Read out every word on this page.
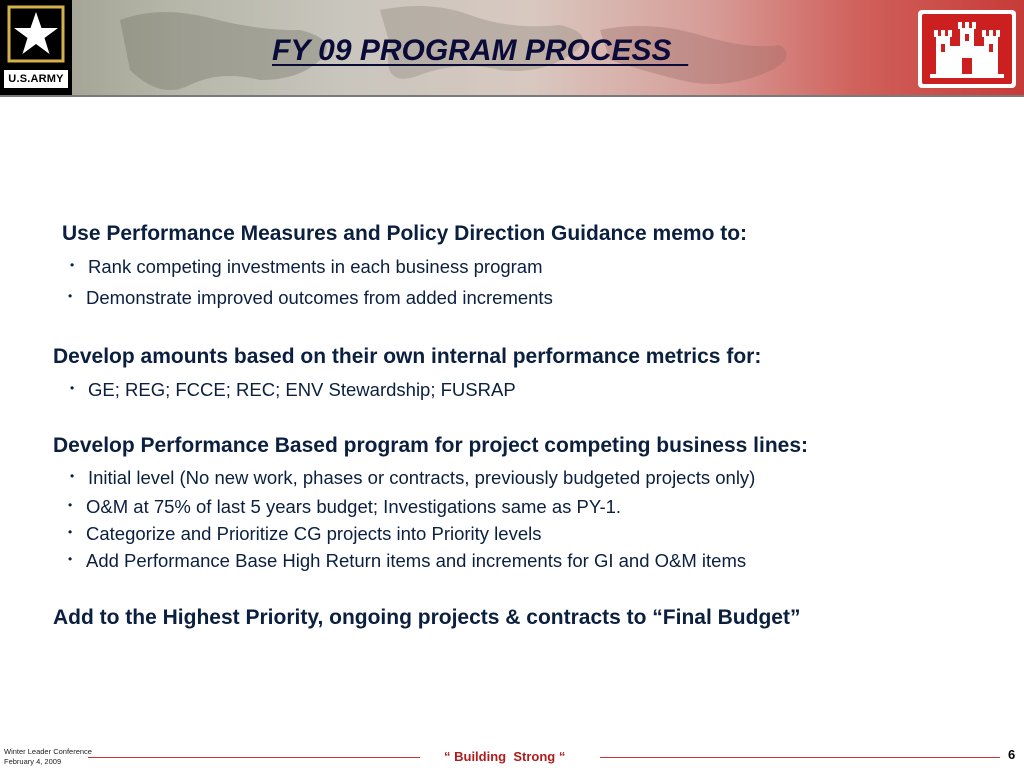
U.S.ARMY
FY 09 PROGRAM PROCESS
Use Performance Measures and Policy Direction Guidance memo to:
• Rank competing investments in each business program
• Demonstrate improved outcomes from added increments
Develop amounts based on their own internal performance metrics for:
• GE; REG; FCCE; REC; ENV Stewardship; FUSRAP
Develop Performance Based program for project competing business lines:
• Initial level (No new work, phases or contracts, previously budgeted projects only)
• O&M at 75% of last 5 years budget; Investigations same as PY-1.
• Categorize and Prioritize CG projects into Priority levels
• Add Performance Base High Return items and increments for GI and O&M items
Add to the Highest Priority, ongoing projects & contracts to “Final Budget”
Winter Leader Conference
February 4, 2009	“ Building  Strong “	6
